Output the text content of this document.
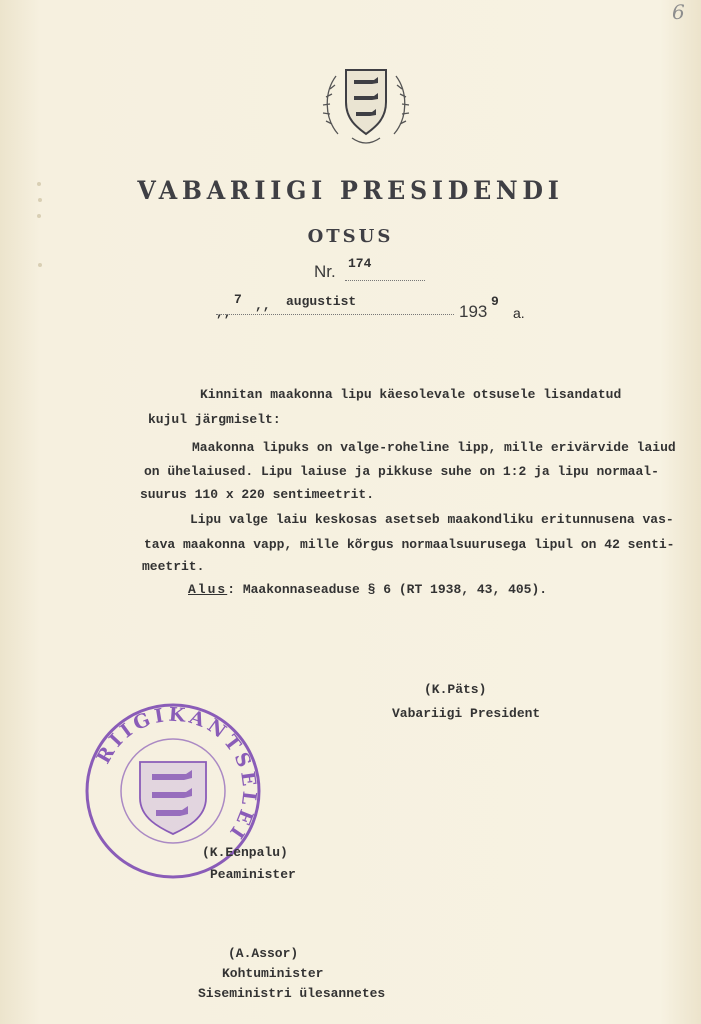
6
VABARIIGI PRESIDENDI
OTSUS
Nr. 174
,,
7 ,, augustist
193
9
a.
Kinnitan maakonna lipu käesolevale otsusele lisandatud
kujul järgmiselt:
Maakonna lipuks on valge-roheline lipp, mille erivärvide laiud
on ühelaiused. Lipu laiuse ja pikkuse suhe on 1:2 ja lipu normaal-
suurus 110 x 220 sentimeetrit.
Lipu valge laiu keskosas asetseb maakondliku eritunnusena vas-
tava maakonna vapp, mille kõrgus normaalsuurusega lipul on 42 senti-
meetrit.
Alus: Maakonnaseaduse § 6 (RT 1938, 43, 405).
(K.Päts)
Vabariigi President
RIIGIKANTSELEI
(K.Eenpalu)
Peaminister
(A.Assor)
Kohtuminister
Siseministri ülesannetes
